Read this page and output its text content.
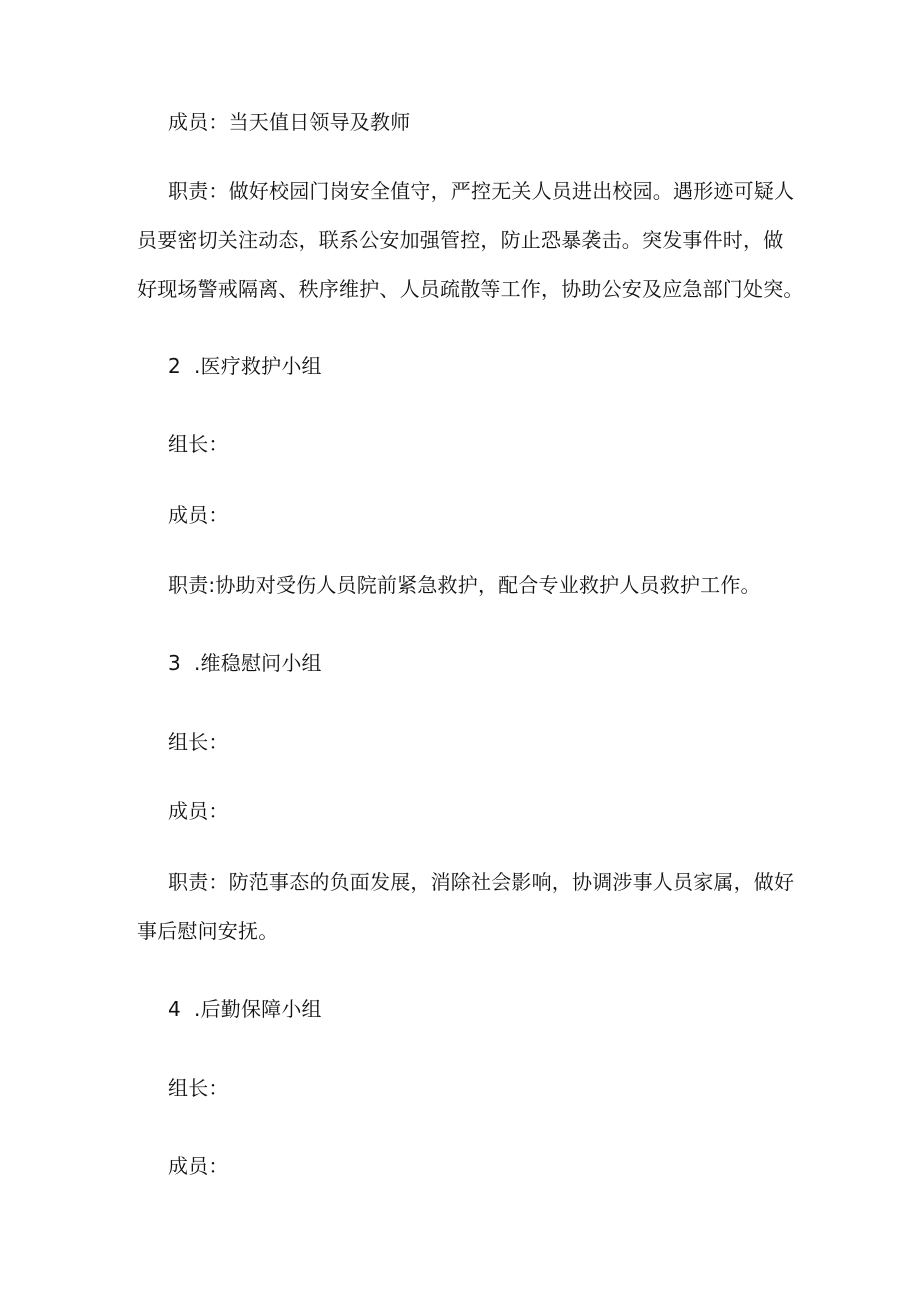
成员：当天值日领导及教师
职责：做好校园门岗安全值守，严控无关人员进出校园。遇形迹可疑人
员要密切关注动态，联系公安加强管控，防止恐暴袭击。突发事件时，做
好现场警戒隔离、秩序维护、人员疏散等工作，协助公安及应急部门处突。
2 .医疗救护小组
组长：
成员：
职责:协助对受伤人员院前紧急救护，配合专业救护人员救护工作。
3 .维稳慰问小组
组长：
成员：
职责：防范事态的负面发展，消除社会影响，协调涉事人员家属，做好
事后慰问安抚。
4 .后勤保障小组
组长：
成员：
